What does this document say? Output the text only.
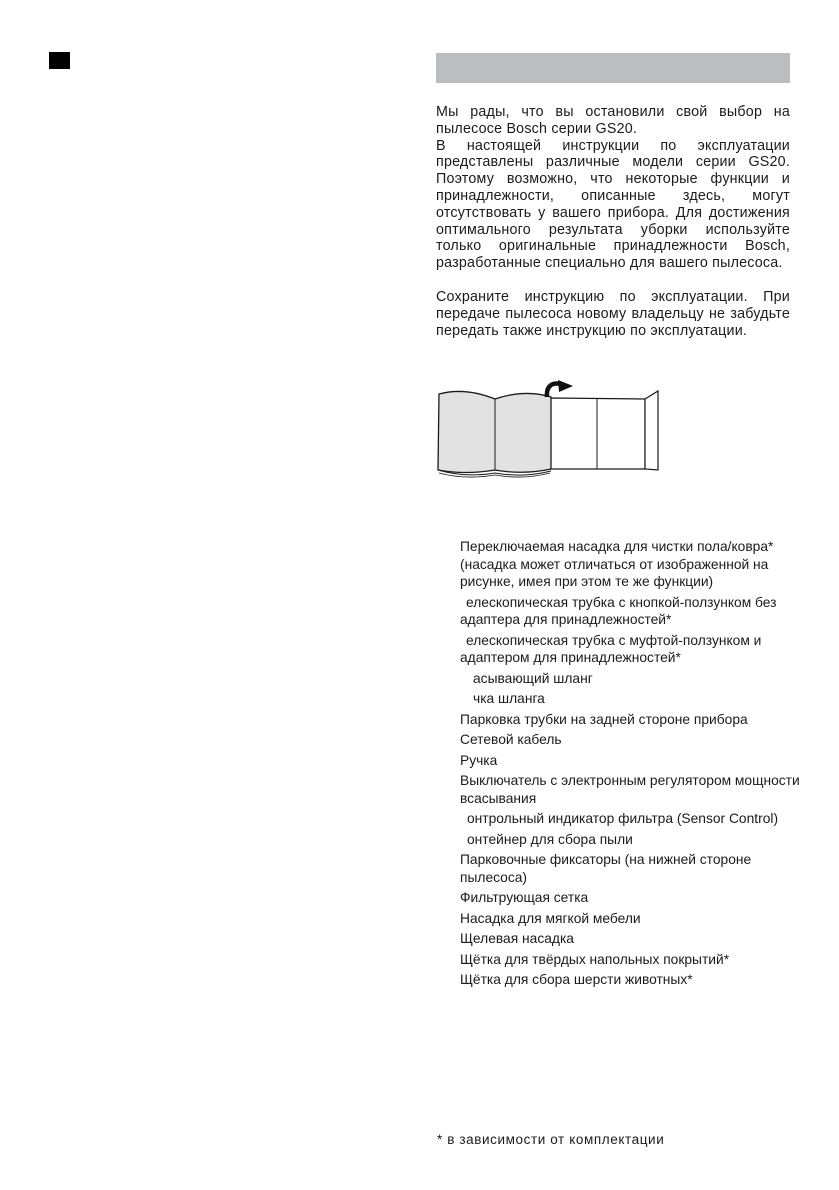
Мы рады, что вы остановили свой выбор на пылесосе Bosch серии GS20.

В настоящей инструкции по эксплуатации представлены различные модели серии GS20. Поэтому возможно, что некоторые функции и принадлежности, описанные здесь, могут отсутствовать у вашего прибора. Для достижения оптимального результата уборки используйте только оригинальные принадлежности Bosch, разработанные специально для вашего пылесоса.

Сохраните инструкцию по эксплуатации. При передаче пылесоса новому владельцу не забудьте передать также инструкцию по эксплуатации.

Переключаемая насадка для чистки пола/ковра* (насадка может отличаться от изображенной на рисунке, имея при этом те же функции)
елескопическая трубка с кнопкой-ползунком без адаптера для принадлежностей*
елескопическая трубка с муфтой-ползунком и адаптером для принадлежностей*
асывающий шланг
чка шланга
Парковка трубки на задней стороне прибора
Сетевой кабель
Ручка
Выключатель с электронным регулятором мощности всасывания
онтрольный индикатор фильтра (Sensor Control)
онтейнер для сбора пыли
Парковочные фиксаторы (на нижней стороне пылесоса)
Фильтрующая сетка
Насадка для мягкой мебели
Щелевая насадка
Щётка для твёрдых напольных покрытий*
Щётка для сбора шерсти животных*

* в зависимости от комплектации
